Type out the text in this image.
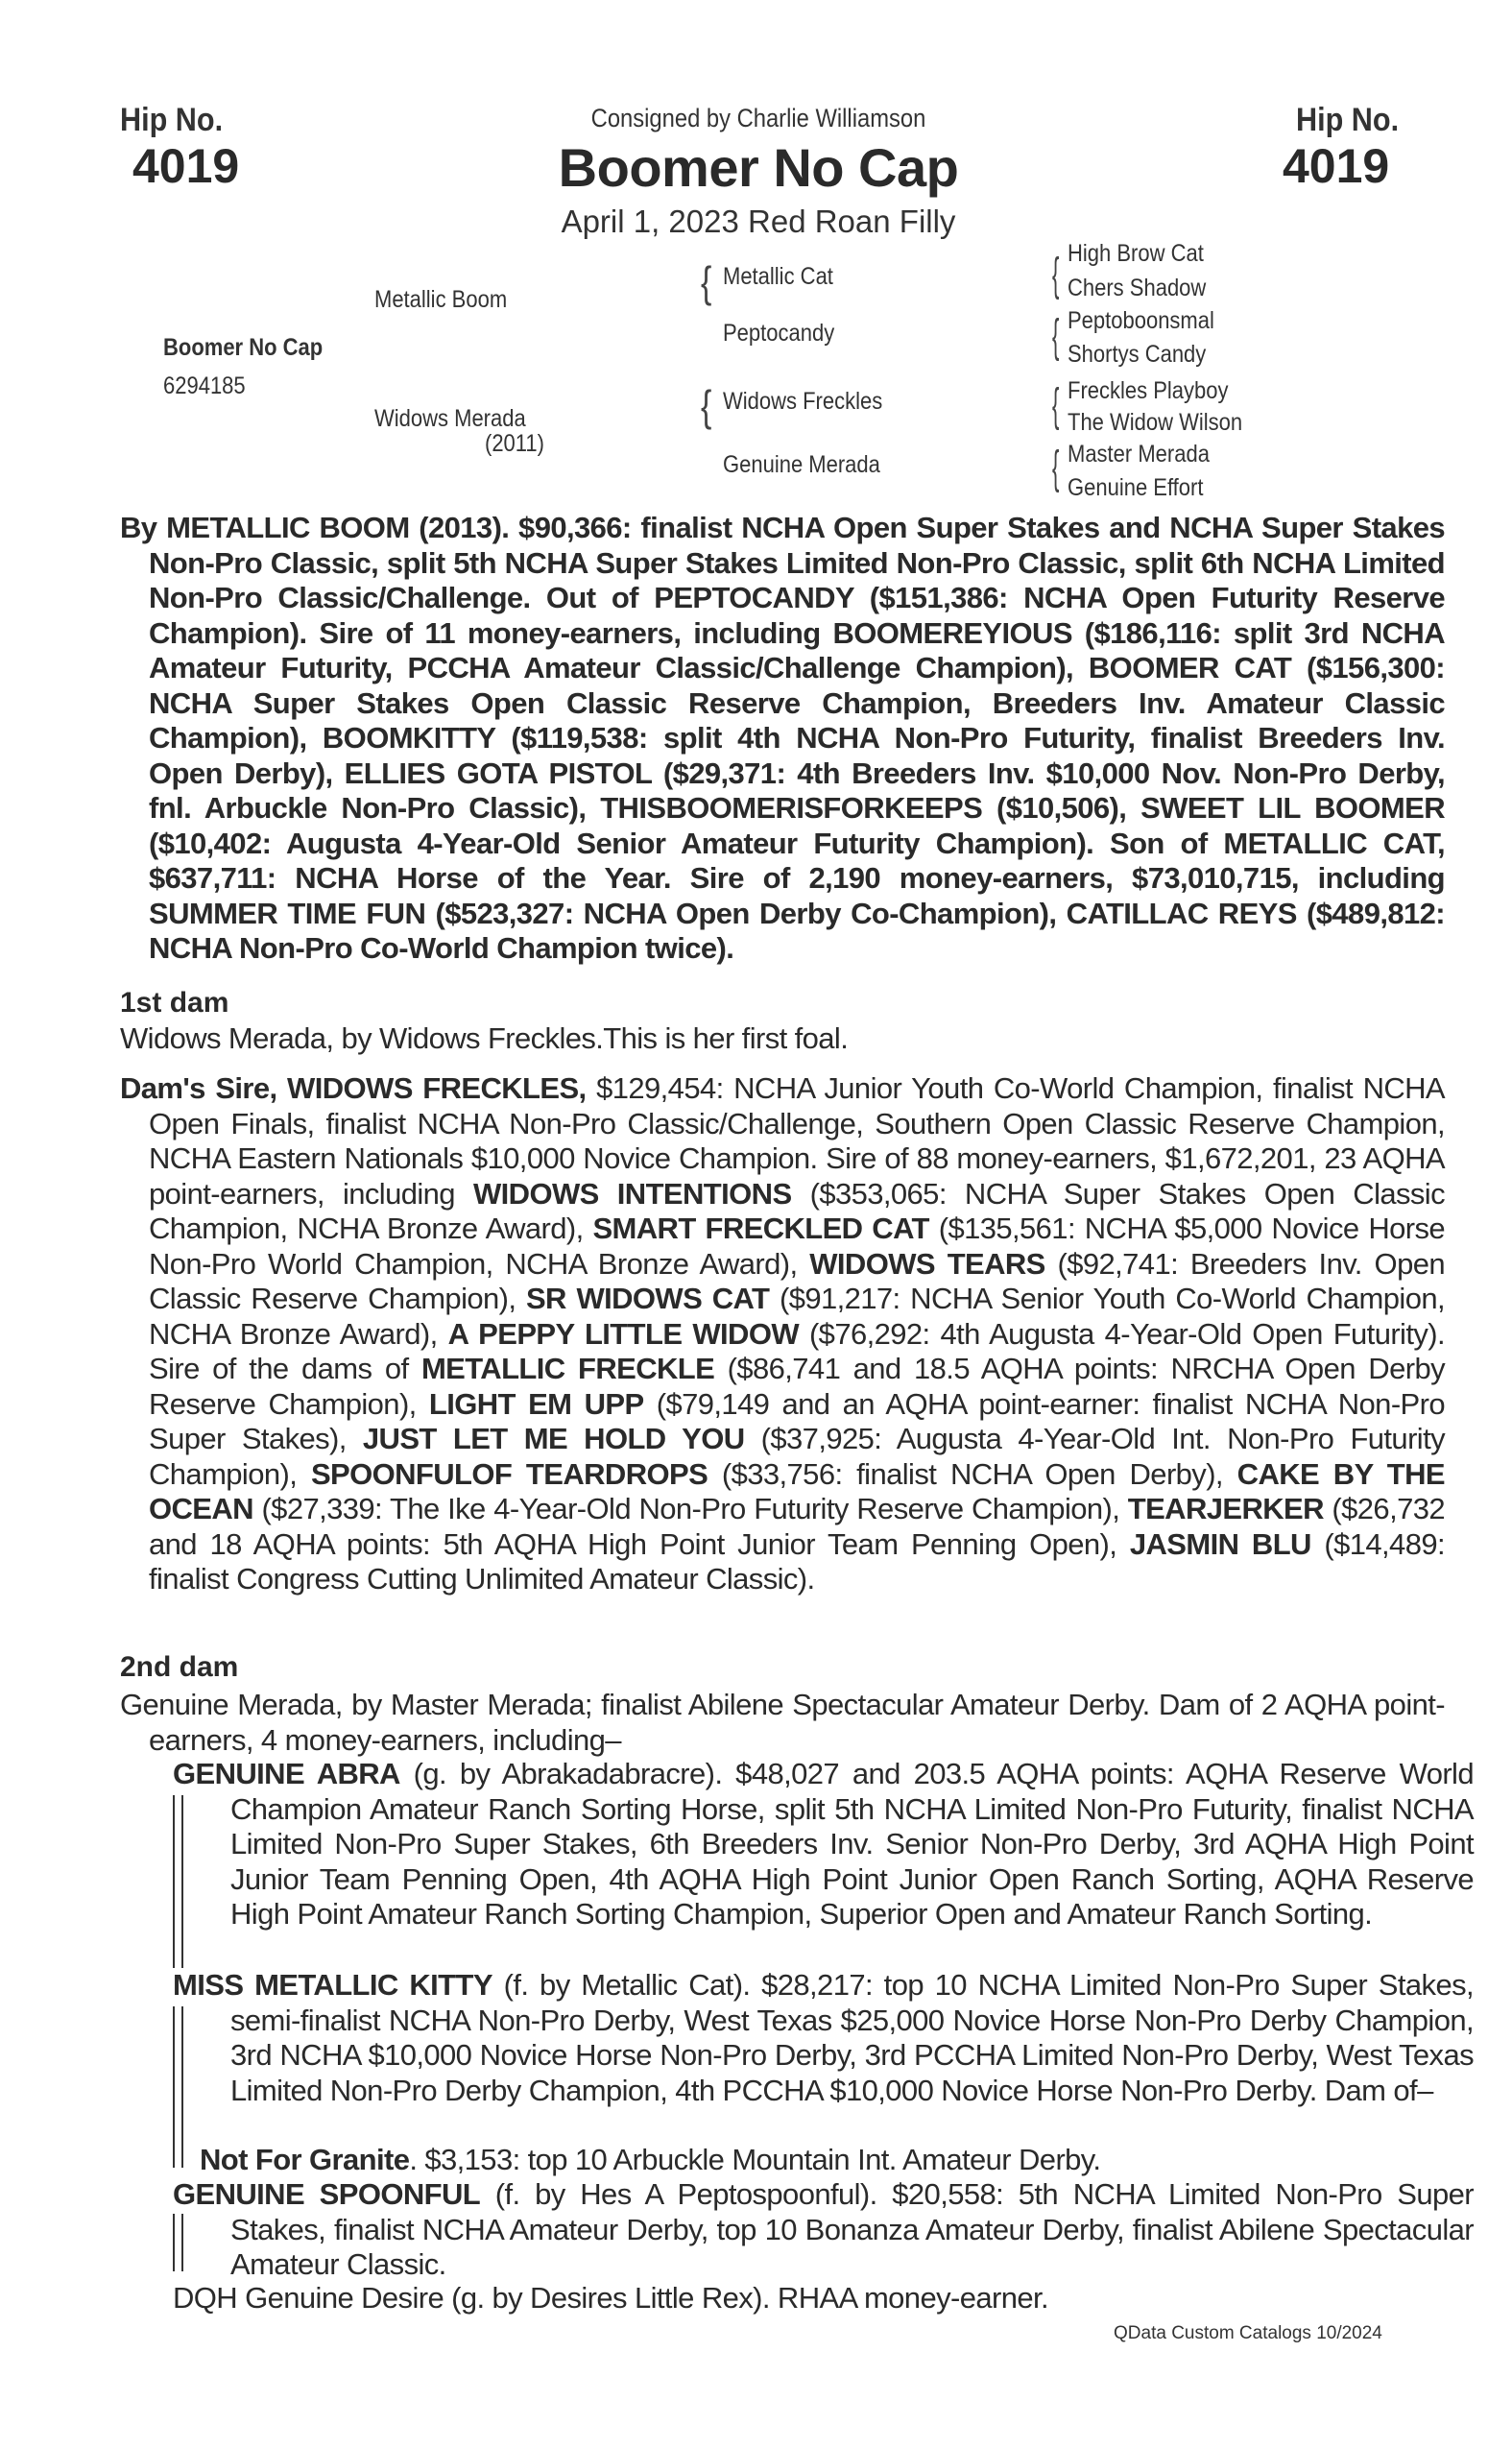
Hip No.
4019
Hip No.
4019
Consigned by Charlie Williamson
Boomer No Cap
April 1, 2023 Red Roan Filly
Boomer No Cap
6294185
Metallic Boom
Widows Merada
(2011)
{
{
Metallic Cat
Peptocandy
Widows Freckles
Genuine Merada
{
{
{
{
High Brow Cat
Chers Shadow
Peptoboonsmal
Shortys Candy
Freckles Playboy
The Widow Wilson
Master Merada
Genuine Effort
By METALLIC BOOM (2013). $90,366: finalist NCHA Open Super Stakes and NCHA Super Stakes Non-Pro Classic, split 5th NCHA Super Stakes Limited Non-Pro Classic, split 6th NCHA Limited Non-Pro Classic/Challenge. Out of PEPTOCANDY ($151,386: NCHA Open Futurity Reserve Champion). Sire of 11 money-earners, including BOOMEREYIOUS ($186,116: split 3rd NCHA Amateur Futurity, PCCHA Amateur Classic/Challenge Champion), BOOMER CAT ($156,300: NCHA Super Stakes Open Classic Reserve Champion, Breeders Inv. Amateur Classic Champion), BOOMKITTY ($119,538: split 4th NCHA Non-Pro Futurity, finalist Breeders Inv. Open Derby), ELLIES GOTA PISTOL ($29,371: 4th Breeders Inv. $10,000 Nov. Non-Pro Derby, fnl. Arbuckle Non-Pro Classic), THISBOOMERISFORKEEPS ($10,506), SWEET LIL BOOMER ($10,402: Augusta 4-Year-Old Senior Amateur Futurity Champion). Son of METALLIC CAT, $637,711: NCHA Horse of the Year. Sire of 2,190 money-earners, $73,010,715, including SUMMER TIME FUN ($523,327: NCHA Open Derby Co-Champion), CATILLAC REYS ($489,812: NCHA Non-Pro Co-World Champion twice).
1st dam
Widows Merada, by Widows Freckles.This is her first foal.
Dam's Sire, WIDOWS FRECKLES, $129,454: NCHA Junior Youth Co-World Champion, finalist NCHA Open Finals, finalist NCHA Non-Pro Classic/Challenge, Southern Open Classic Reserve Champion, NCHA Eastern Nationals $10,000 Novice Champion. Sire of 88 money-earners, $1,672,201, 23 AQHA point-earners, including WIDOWS INTENTIONS ($353,065: NCHA Super Stakes Open Classic Champion, NCHA Bronze Award), SMART FRECKLED CAT ($135,561: NCHA $5,000 Novice Horse Non-Pro World Champion, NCHA Bronze Award), WIDOWS TEARS ($92,741: Breeders Inv. Open Classic Reserve Champion), SR WIDOWS CAT ($91,217: NCHA Senior Youth Co-World Champion, NCHA Bronze Award), A PEPPY LITTLE WIDOW ($76,292: 4th Augusta 4-Year-Old Open Futurity). Sire of the dams of METALLIC FRECKLE ($86,741 and 18.5 AQHA points: NRCHA Open Derby Reserve Champion), LIGHT EM UPP ($79,149 and an AQHA point-earner: finalist NCHA Non-Pro Super Stakes), JUST LET ME HOLD YOU ($37,925: Augusta 4-Year-Old Int. Non-Pro Futurity Champion), SPOONFULOF TEARDROPS ($33,756: finalist NCHA Open Derby), CAKE BY THE OCEAN ($27,339: The Ike 4-Year-Old Non-Pro Futurity Reserve Champion), TEARJERKER ($26,732 and 18 AQHA points: 5th AQHA High Point Junior Team Penning Open), JASMIN BLU ($14,489: finalist Congress Cutting Unlimited Amateur Classic).
2nd dam
Genuine Merada, by Master Merada; finalist Abilene Spectacular Amateur Derby. Dam of 2 AQHA point-earners, 4 money-earners, including–
GENUINE ABRA (g. by Abrakadabracre). $48,027 and 203.5 AQHA points: AQHA Reserve World Champion Amateur Ranch Sorting Horse, split 5th NCHA Limited Non-Pro Futurity, finalist NCHA Limited Non-Pro Super Stakes, 6th Breeders Inv. Senior Non-Pro Derby, 3rd AQHA High Point Junior Team Penning Open, 4th AQHA High Point Junior Open Ranch Sorting, AQHA Reserve High Point Amateur Ranch Sorting Champion, Superior Open and Amateur Ranch Sorting.
MISS METALLIC KITTY (f. by Metallic Cat). $28,217: top 10 NCHA Limited Non-Pro Super Stakes, semi-finalist NCHA Non-Pro Derby, West Texas $25,000 Novice Horse Non-Pro Derby Champion, 3rd NCHA $10,000 Novice Horse Non-Pro Derby, 3rd PCCHA Limited Non-Pro Derby, West Texas Limited Non-Pro Derby Champion, 4th PCCHA $10,000 Novice Horse Non-Pro Derby. Dam of–
Not For Granite. $3,153: top 10 Arbuckle Mountain Int. Amateur Derby.
GENUINE SPOONFUL (f. by Hes A Peptospoonful). $20,558: 5th NCHA Limited Non-Pro Super Stakes, finalist NCHA Amateur Derby, top 10 Bonanza Amateur Derby, finalist Abilene Spectacular Amateur Classic.
DQH Genuine Desire (g. by Desires Little Rex). RHAA money-earner.
QData Custom Catalogs 10/2024
